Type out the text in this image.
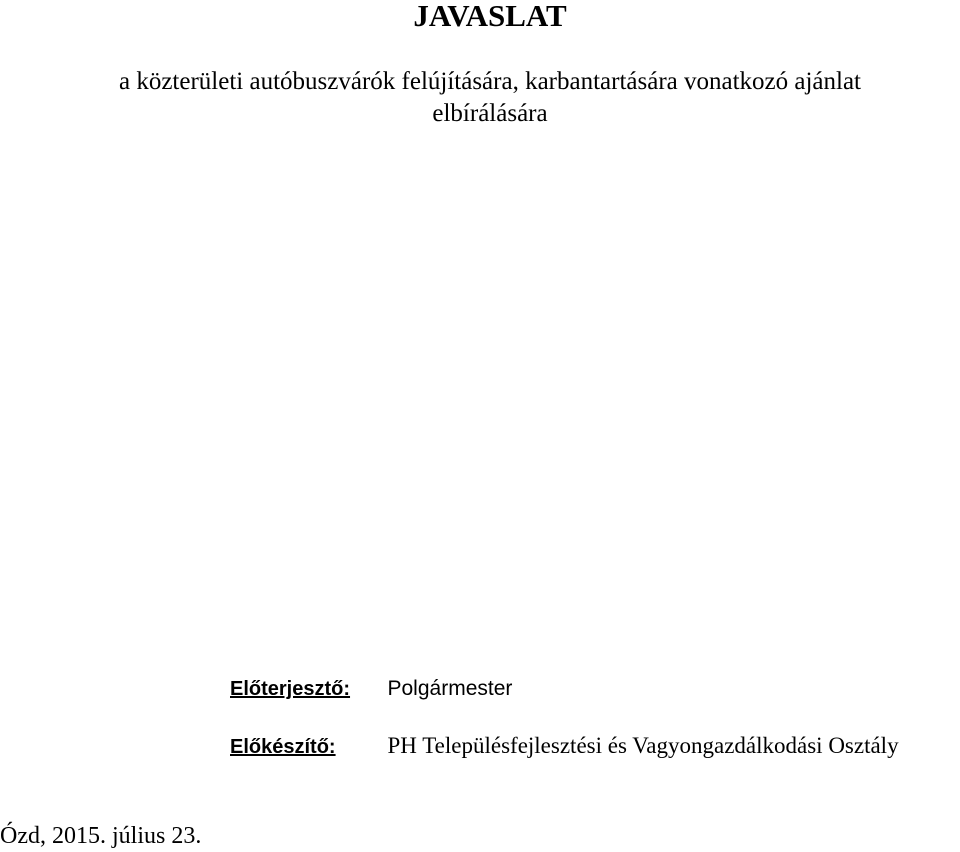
JAVASLAT
a közterületi autóbuszvárók felújítására, karbantartására vonatkozó ajánlat
elbírálására
Előterjesztő: Polgármester
Előkészítő: PH Településfejlesztési és Vagyongazdálkodási Osztály
Ózd, 2015. július 23.
